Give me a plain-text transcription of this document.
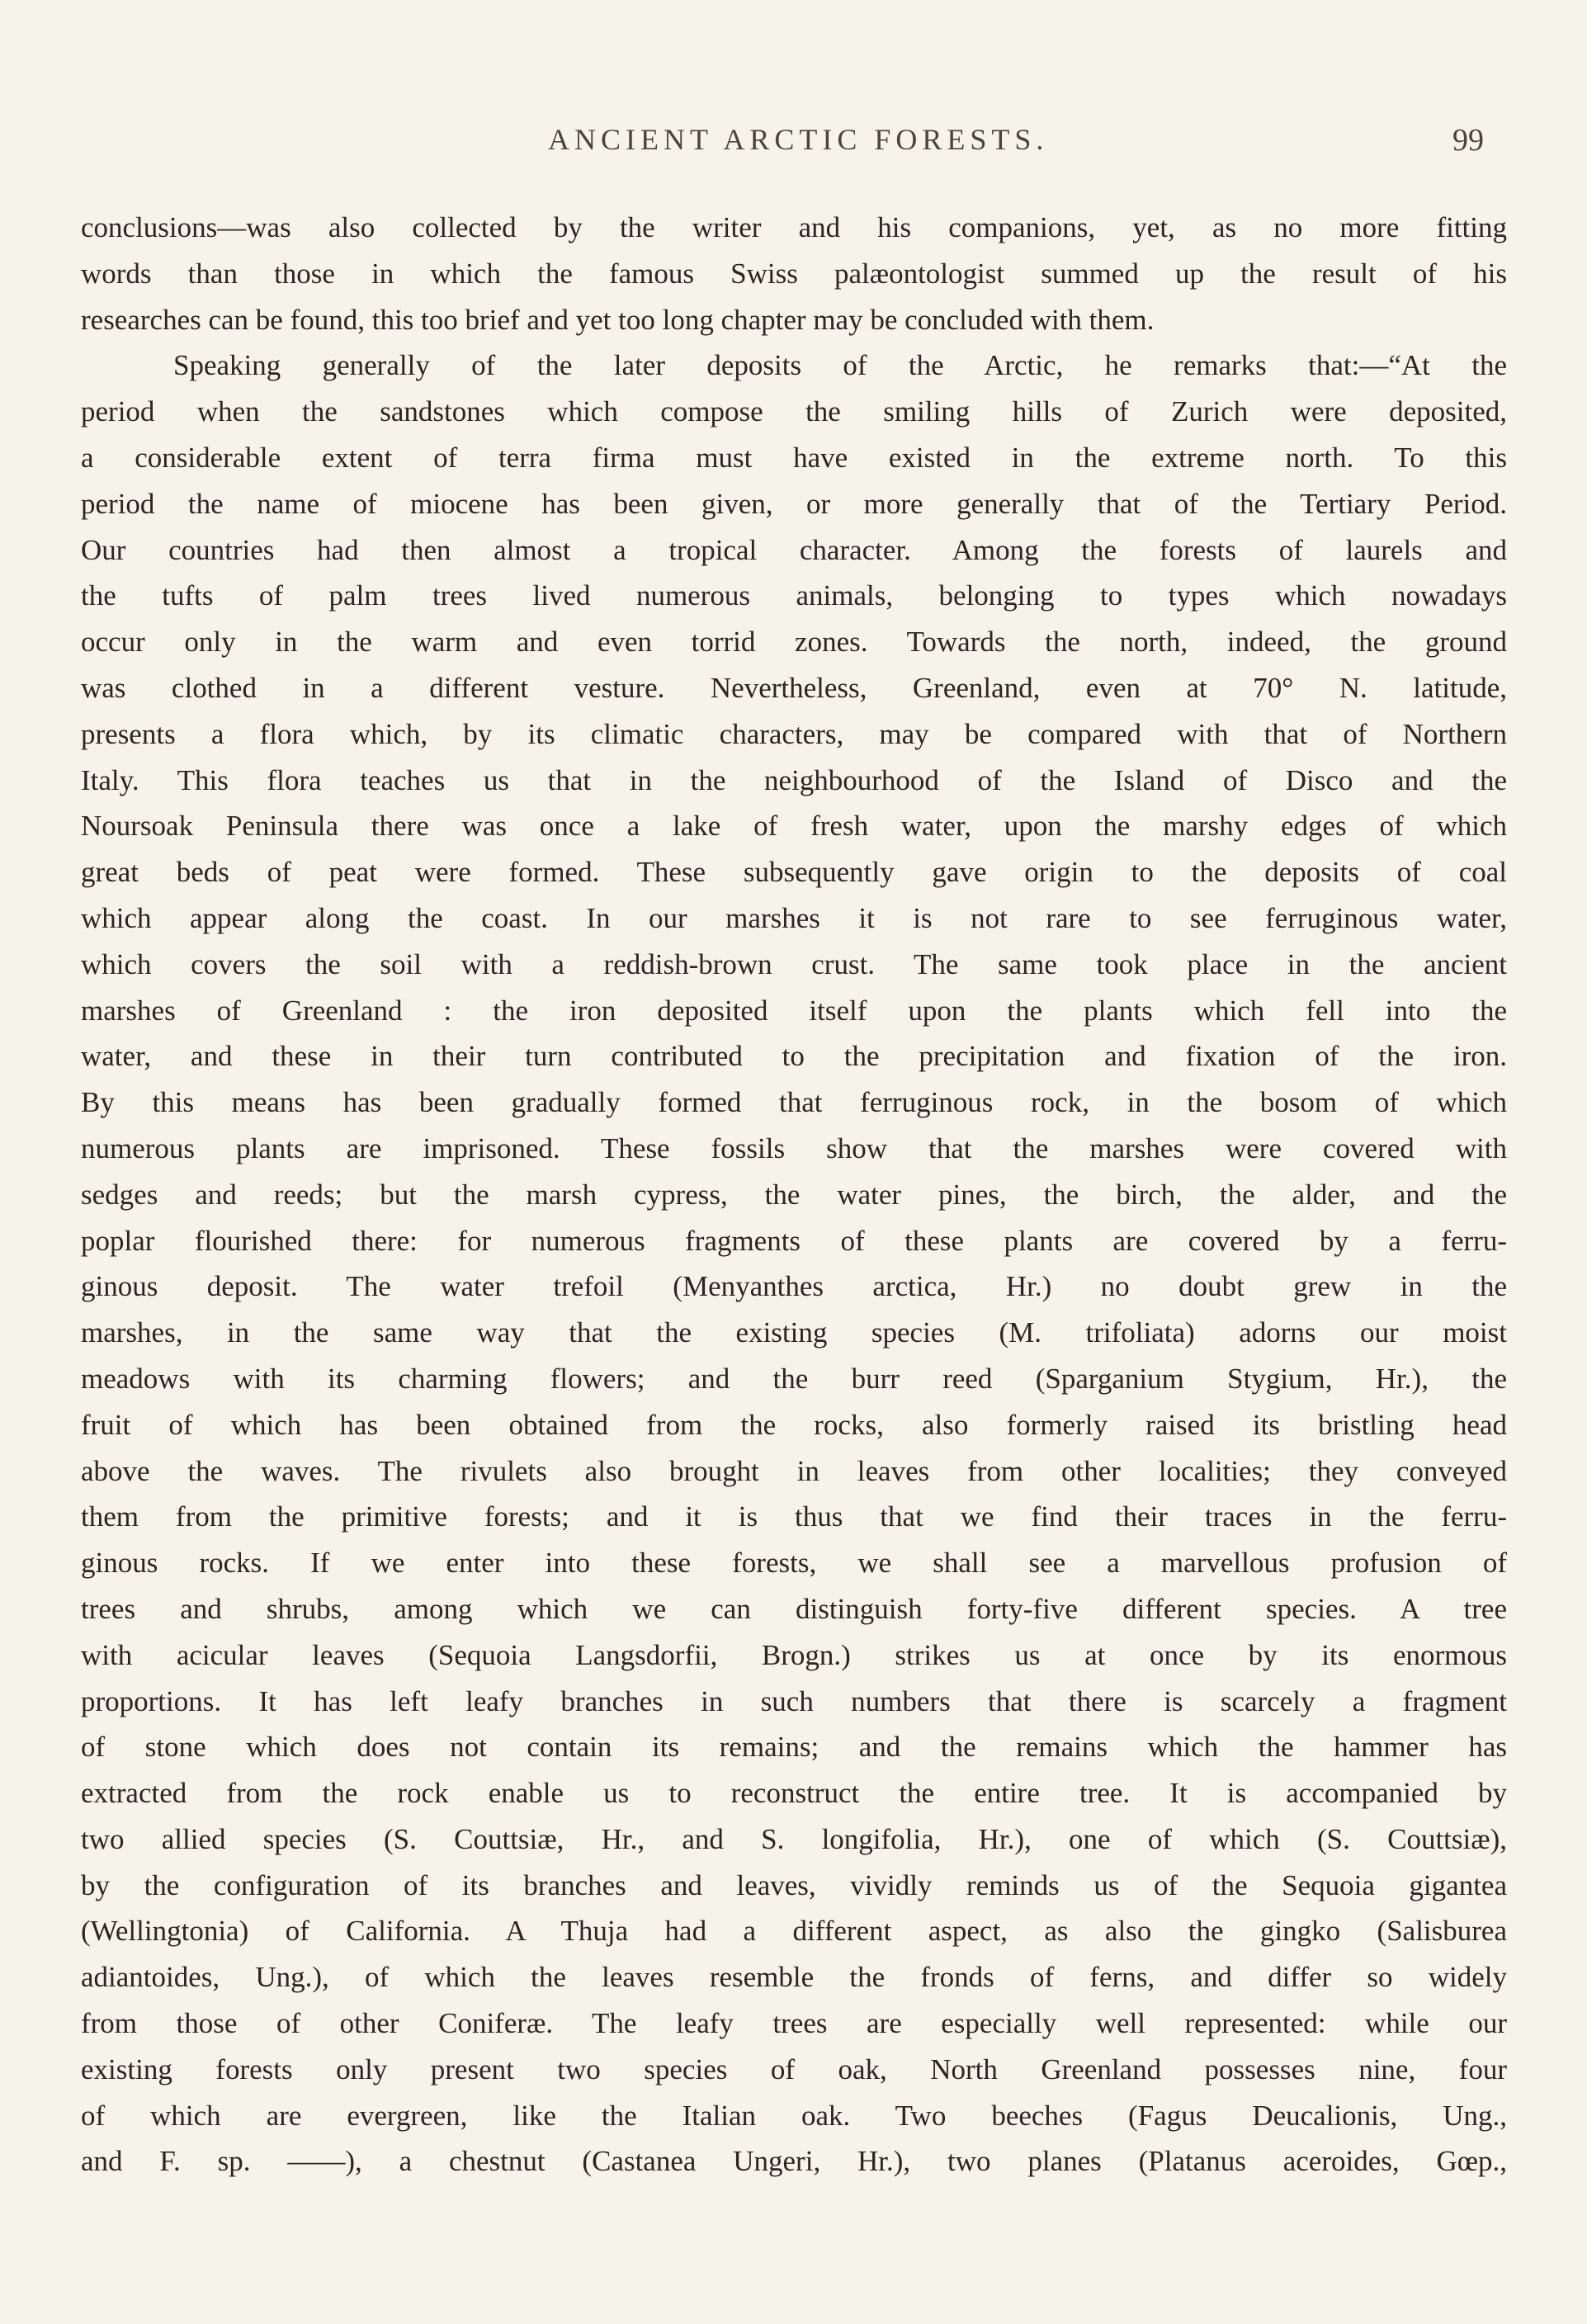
ANCIENT ARCTIC FORESTS.	99
conclusions—was also collected by the writer and his companions, yet, as no more fitting
words than those in which the famous Swiss palæontologist summed up the result of his
researches can be found, this too brief and yet too long chapter may be concluded with them.
Speaking generally of the later deposits of the Arctic, he remarks that:—“At the
period when the sandstones which compose the smiling hills of Zurich were deposited,
a considerable extent of terra firma must have existed in the extreme north. To this
period the name of miocene has been given, or more generally that of the Tertiary Period.
Our countries had then almost a tropical character. Among the forests of laurels and
the tufts of palm trees lived numerous animals, belonging to types which nowadays
occur only in the warm and even torrid zones. Towards the north, indeed, the ground
was clothed in a different vesture. Nevertheless, Greenland, even at 70° N. latitude,
presents a flora which, by its climatic characters, may be compared with that of Northern
Italy. This flora teaches us that in the neighbourhood of the Island of Disco and the
Noursoak Peninsula there was once a lake of fresh water, upon the marshy edges of which
great beds of peat were formed. These subsequently gave origin to the deposits of coal
which appear along the coast. In our marshes it is not rare to see ferruginous water,
which covers the soil with a reddish-brown crust. The same took place in the ancient
marshes of Greenland : the iron deposited itself upon the plants which fell into the
water, and these in their turn contributed to the precipitation and fixation of the iron.
By this means has been gradually formed that ferruginous rock, in the bosom of which
numerous plants are imprisoned. These fossils show that the marshes were covered with
sedges and reeds; but the marsh cypress, the water pines, the birch, the alder, and the
poplar flourished there: for numerous fragments of these plants are covered by a ferru-
ginous deposit. The water trefoil (Menyanthes arctica, Hr.) no doubt grew in the
marshes, in the same way that the existing species (M. trifoliata) adorns our moist
meadows with its charming flowers; and the burr reed (Sparganium Stygium, Hr.), the
fruit of which has been obtained from the rocks, also formerly raised its bristling head
above the waves. The rivulets also brought in leaves from other localities; they conveyed
them from the primitive forests; and it is thus that we find their traces in the ferru-
ginous rocks. If we enter into these forests, we shall see a marvellous profusion of
trees and shrubs, among which we can distinguish forty-five different species. A tree
with acicular leaves (Sequoia Langsdorfii, Brogn.) strikes us at once by its enormous
proportions. It has left leafy branches in such numbers that there is scarcely a fragment
of stone which does not contain its remains; and the remains which the hammer has
extracted from the rock enable us to reconstruct the entire tree. It is accompanied by
two allied species (S. Couttsiæ, Hr., and S. longifolia, Hr.), one of which (S. Couttsiæ),
by the configuration of its branches and leaves, vividly reminds us of the Sequoia gigantea
(Wellingtonia) of California. A Thuja had a different aspect, as also the gingko (Salisburea
adiantoides, Ung.), of which the leaves resemble the fronds of ferns, and differ so widely
from those of other Coniferæ. The leafy trees are especially well represented: while our
existing forests only present two species of oak, North Greenland possesses nine, four
of which are evergreen, like the Italian oak. Two beeches (Fagus Deucalionis, Ung.,
and F. sp. ——), a chestnut (Castanea Ungeri, Hr.), two planes (Platanus aceroides, Gœp.,
